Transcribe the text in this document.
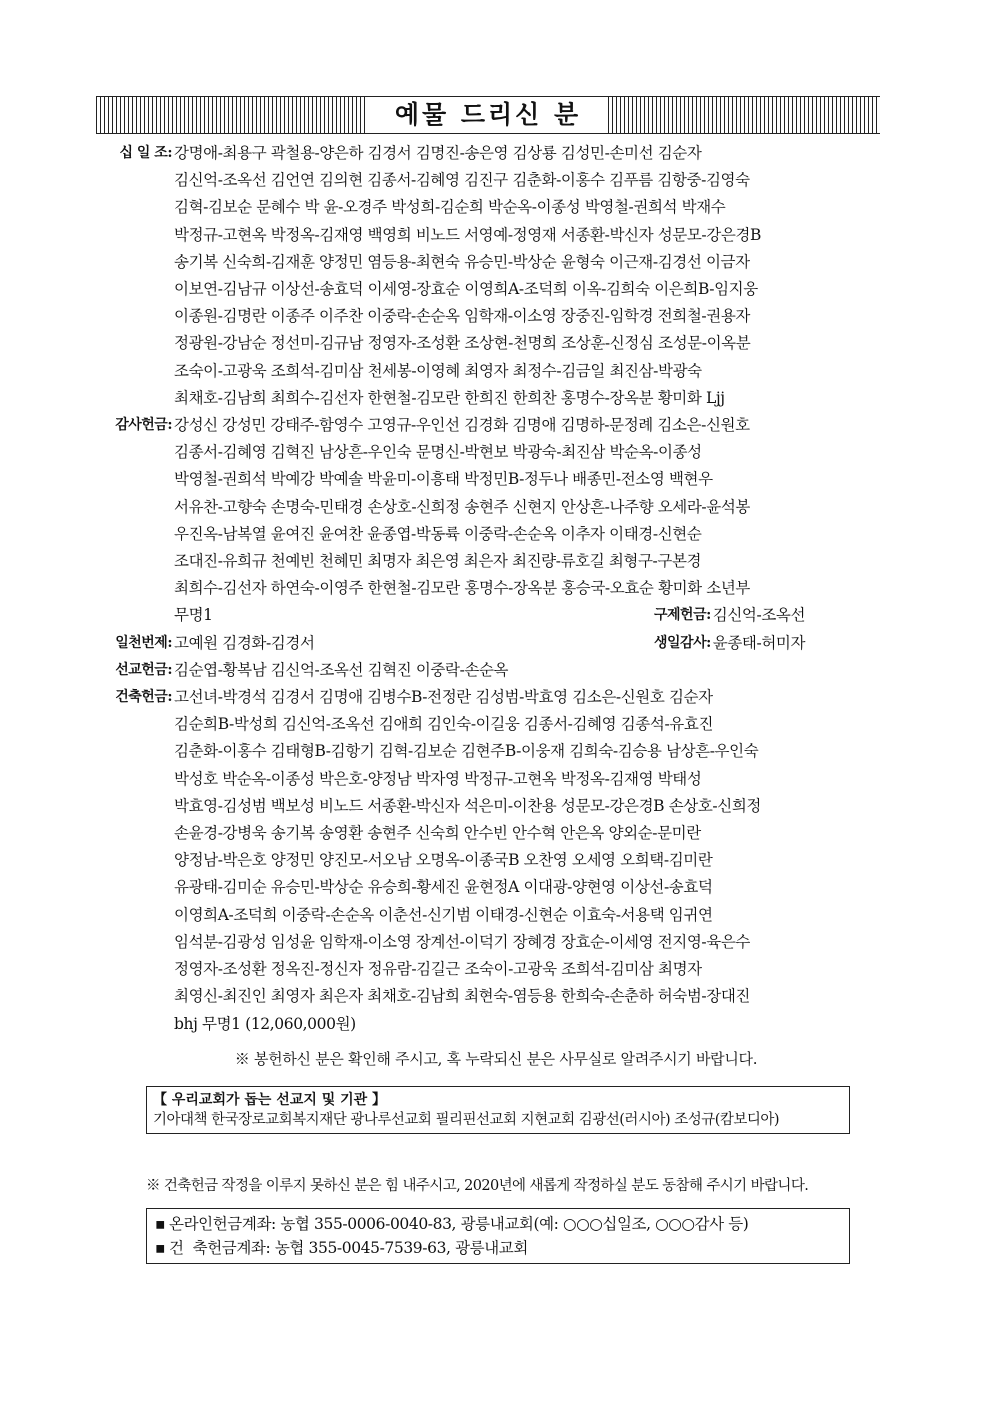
예물 드리신 분
십 일 조: 강명애-최용구 곽철용-양은하 김경서 김명진-송은영 김상룡 김성민-손미선 김순자
김신억-조옥선 김언연 김의현 김종서-김혜영 김진구 김춘화-이홍수 김푸름 김항중-김영숙
김혁-김보순 문혜수 박 윤-오경주 박성희-김순희 박순옥-이종성 박영철-권희석 박재수
박정규-고현옥 박정옥-김재영 백영희 비노드 서영예-정영재 서종환-박신자 성문모-강은경B
송기복 신숙희-김재훈 양정민 염등용-최현숙 유승민-박상순 윤형숙 이근재-김경선 이금자
이보연-김남규 이상선-송효덕 이세영-장효순 이영희A-조덕희 이옥-김희숙 이은희B-임지웅
이종원-김명란 이종주 이주찬 이중락-손순옥 임학재-이소영 장중진-임학경 전희철-권용자
정광원-강남순 정선미-김규남 정영자-조성환 조상현-천명희 조상훈-신정심 조성문-이옥분
조숙이-고광욱 조희석-김미삼 천세봉-이영혜 최영자 최정수-김금일 최진삼-박광숙
최채호-김남희 최희수-김선자 한현철-김모란 한희진 한희찬 홍명수-장옥분 황미화 Ljj
감사헌금: 강성신 강성민 강태주-함영수 고영규-우인선 김경화 김명애 김명하-문정례 김소은-신원호
김종서-김혜영 김혁진 남상흔-우인숙 문명신-박현보 박광숙-최진삼 박순옥-이종성
박영철-권희석 박예강 박예솔 박윤미-이흥태 박정민B-정두나 배종민-전소영 백현우
서유찬-고향숙 손명숙-민태경 손상호-신희정 송현주 신현지 안상흔-나주향 오세라-윤석봉
우진옥-남복열 윤여진 윤여찬 윤종엽-박동륙 이중락-손순옥 이추자 이태경-신현순
조대진-유희규 천예빈 천혜민 최명자 최은영 최은자 최진량-류호길 최형구-구본경
최희수-김선자 하연숙-이영주 한현철-김모란 홍명수-장옥분 홍승국-오효순 황미화 소년부
무명1	구제헌금: 김신억-조옥선
일천번제: 고예원 김경화-김경서	생일감사: 윤종태-허미자
선교헌금: 김순엽-황복남 김신억-조옥선 김혁진 이중락-손순옥
건축헌금: 고선녀-박경석 김경서 김명애 김병수B-전정란 김성범-박효영 김소은-신원호 김순자
김순희B-박성희 김신억-조옥선 김애희 김인숙-이길웅 김종서-김혜영 김종석-유효진
김춘화-이홍수 김태형B-김항기 김혁-김보순 김현주B-이웅재 김희숙-김승용 남상흔-우인숙
박성호 박순옥-이종성 박은호-양정남 박자영 박정규-고현옥 박정옥-김재영 박태성
박효영-김성범 백보성 비노드 서종환-박신자 석은미-이찬용 성문모-강은경B 손상호-신희정
손윤경-강병욱 송기복 송영환 송현주 신숙희 안수빈 안수혁 안은옥 양외순-문미란
양정남-박은호 양정민 양진모-서오남 오명옥-이종국B 오찬영 오세영 오희택-김미란
유광태-김미순 유승민-박상순 유승희-황세진 윤현정A 이대광-양현영 이상선-송효덕
이영희A-조덕희 이중락-손순옥 이춘선-신기범 이태경-신현순 이효숙-서용택 임귀연
임석분-김광성 임성윤 임학재-이소영 장계선-이덕기 장혜경 장효순-이세영 전지영-육은수
정영자-조성환 정옥진-정신자 정유람-김길근 조숙이-고광욱 조희석-김미삼 최명자
최영신-최진인 최영자 최은자 최채호-김남희 최현숙-염등용 한희숙-손춘하 허숙범-장대진
bhj 무명1 (12,060,000원)
※ 봉헌하신 분은 확인해 주시고, 혹 누락되신 분은 사무실로 알려주시기 바랍니다.
【 우리교회가 돕는 선교지 및 기관 】
기아대책 한국장로교회복지재단 광나루선교회 필리핀선교회 지현교회 김광선(러시아) 조성규(캄보디아)
※ 건축헌금 작정을 이루지 못하신 분은 힘 내주시고, 2020년에 새롭게 작정하실 분도 동참해 주시기 바랍니다.
▪ 온라인헌금계좌: 농협 355-0006-0040-83, 광릉내교회(예: ○○○십일조, ○○○감사 등)
▪ 건  축헌금계좌: 농협 355-0045-7539-63, 광릉내교회
